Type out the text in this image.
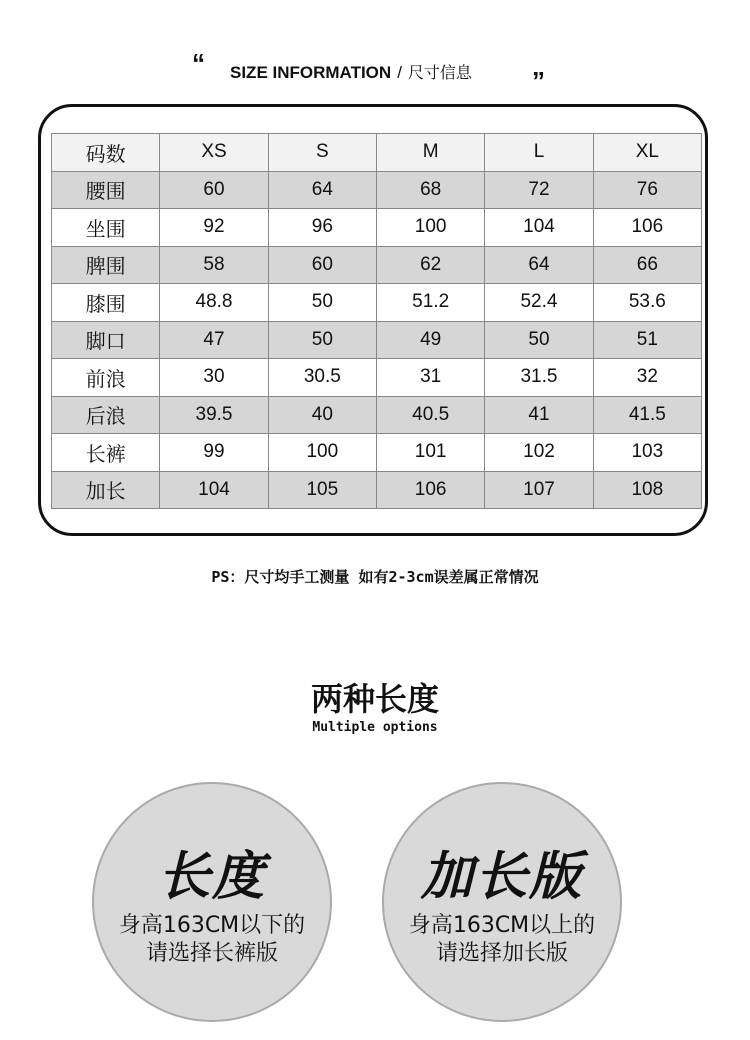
“ SIZE INFORMATION / 尺寸信息 ”
码数	XS	S	M	L	XL
腰围	60	64	68	72	76
坐围	92	96	100	104	106
脾围	58	60	62	64	66
膝围	48.8	50	51.2	52.4	53.6
脚口	47	50	49	50	51
前浪	30	30.5	31	31.5	32
后浪	39.5	40	40.5	41	41.5
长裤	99	100	101	102	103
加长	104	105	106	107	108
PS：尺寸均手工测量 如有2-3cm误差属正常情况
两种长度
Multiple options
长度
身高163CM以下的
请选择长裤版
加长版
身高163CM以上的
请选择加长版
